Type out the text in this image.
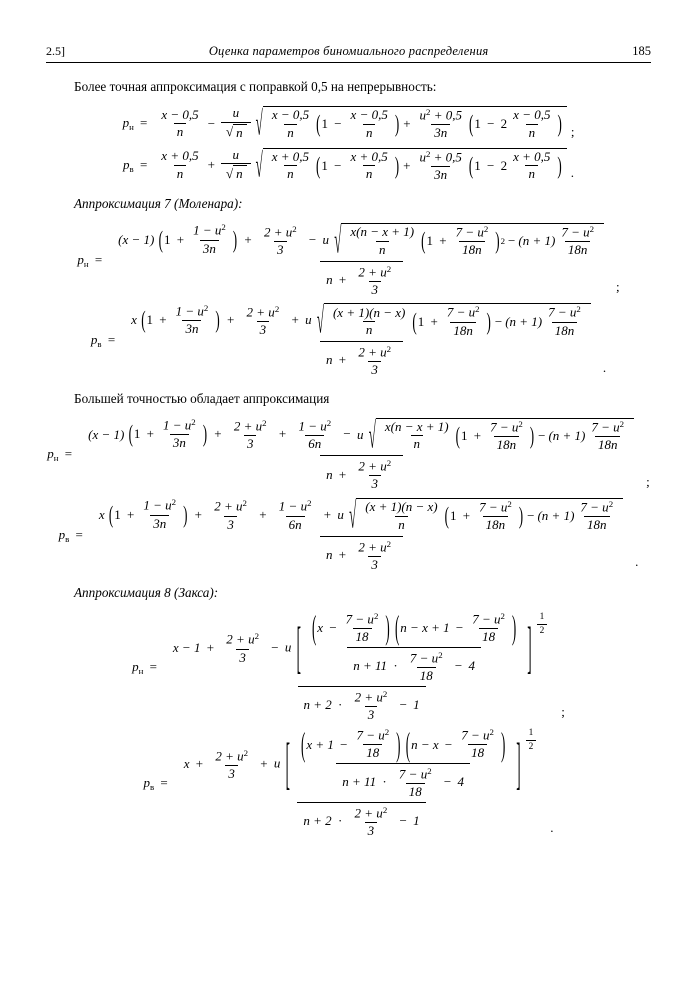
2.5]	Оценка параметров биномиального распределения	185

Более точная аппроксимация с поправкой 0,5 на непрерывность:

$p_н = \frac{x - 0,5}{n} - \frac{u}{√ n}$ √ $\frac{x - 0,5}{n}$ ( $1 - \frac{x - 0,5}{n}$ ) + $\frac{u^2 + 0,5}{3n}$ ( $1 - 2 \frac{x - 0,5}{n}$ ) ;
$p_в = \frac{x + 0,5}{n} + \frac{u}{√ n}$ √ $\frac{x + 0,5}{n}$ ( $1 - \frac{x + 0,5}{n}$ ) + $\frac{u^2 + 0,5}{3n}$ ( $1 - 2 \frac{x + 0,5}{n}$ ) .

Аппроксимация 7 (Моленара):

$p_н$ =
(x − 1) ( $1 + \frac{1 - u^2}{3n}$ ) + $\frac{2 + u^2}{3} - u$ √ $\frac{x(n - x + 1)}{n}$ ( $1 + \frac{7 - u^2}{18n}$ ) $2 - (n + 1) \frac{7 - u^2}{18n}$
$n + \frac{2 + u^2}{3}$	;
$p_в$ =
x ( $1 + \frac{1 - u^2}{3n}$ ) + $\frac{2 + u^2}{3} + u$ √ $\frac{(x + 1)(n - x)}{n}$ ( $1 + \frac{7 - u^2}{18n}$ ) − $(n + 1) \frac{7 - u^2}{18n}$
$n + \frac{2 + u^2}{3}$	.

Большей точностью обладает аппроксимация

$p_н$ =
(x − 1) ( $1 + \frac{1 - u^2}{3n}$ ) + $\frac{2 + u^2}{3} + \frac{1 - u^2}{6n} - u$ √ $\frac{x(n - x + 1)}{n}$ ( $1 + \frac{7 - u^2}{18n}$ ) − $(n + 1) \frac{7 - u^2}{18n}$
$n + \frac{2 + u^2}{3}$	;
$p_в$ =
x ( $1 + \frac{1 - u^2}{3n}$ ) + $\frac{2 + u^2}{3} + \frac{1 - u^2}{6n} + u$ √ $\frac{(x + 1)(n - x)}{n}$ ( $1 + \frac{7 - u^2}{18n}$ ) − $(n + 1) \frac{7 - u^2}{18n}$
$n + \frac{2 + u^2}{3}$	.

Аппроксимация 8 (Закса):

$p_н$ =
$x - 1 + \frac{2 + u^2}{3} - u$ [ ( $x - \frac{7 - u^2}{18}$ )
( $n - x + 1 - \frac{7 - u^2}{18}$ )
$n + 11 \cdot \frac{7 - u^2}{18} - 4$	] $\frac{1}{2}$
$n + 2 \cdot \frac{2 + u^2}{3} - 1$	;
$p_в$ =
$x + \frac{2 + u^2}{3} + u$ [ ( $x + 1 - \frac{7 - u^2}{18}$ )
( $n - x - \frac{7 - u^2}{18}$ )
$n + 11 \cdot \frac{7 - u^2}{18} - 4$	] $\frac{1}{2}$
$n + 2 \cdot \frac{2 + u^2}{3} - 1$	.
